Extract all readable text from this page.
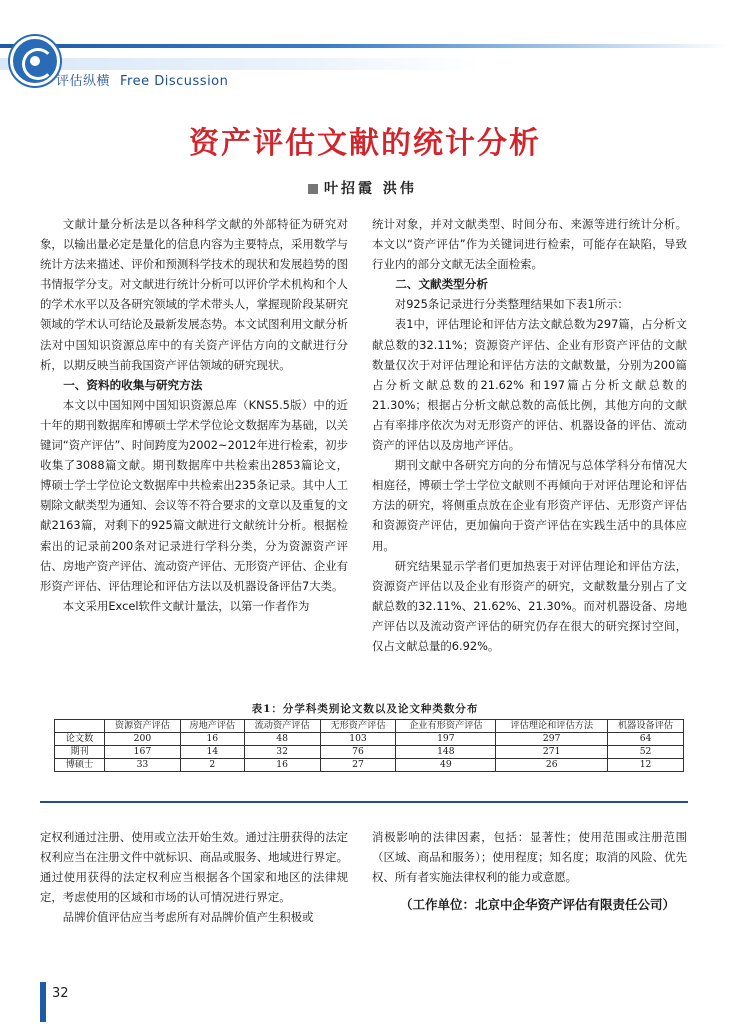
评估纵横 Free Discussion
资产评估文献的统计分析
叶招霞 洪伟

文献计量分析法是以各种科学文献的外部特征为研究对象，以输出量必定是量化的信息内容为主要特点，采用数学与统计方法来描述、评价和预测科学技术的现状和发展趋势的图书情报学分支。对文献进行统计分析可以评价学术机构和个人的学术水平以及各研究领域的学术带头人，掌握现阶段某研究领域的学术认可结论及最新发展态势。本文试图利用文献分析法对中国知识资源总库中的有关资产评估方向的文献进行分析，以期反映当前我国资产评估领域的研究现状。

一、资料的收集与研究方法

本文以中国知网中国知识资源总库（KNS5.5版）中的近十年的期刊数据库和博硕士学术学位论文数据库为基础，以关键词“资产评估”、时间跨度为2002~2012年进行检索，初步收集了3088篇文献。期刊数据库中共检索出2853篇论文，博硕士学士学位论文数据库中共检索出235条记录。其中人工剔除文献类型为通知、会议等不符合要求的文章以及重复的文献2163篇，对剩下的925篇文献进行文献统计分析。根据检索出的记录前200条对记录进行学科分类，分为资源资产评估、房地产资产评估、流动资产评估、无形资产评估、企业有形资产评估、评估理论和评估方法以及机器设备评估7大类。

本文采用Excel软件文献计量法，以第一作者作为

统计对象，并对文献类型、时间分布、来源等进行统计分析。本文以“资产评估”作为关键词进行检索，可能存在缺陷，导致行业内的部分文献无法全面检索。

二、文献类型分析

对925条记录进行分类整理结果如下表1所示：

表1中，评估理论和评估方法文献总数为297篇，占分析文献总数的32.11%；资源资产评估、企业有形资产评估的文献数量仅次于对评估理论和评估方法的文献数量，分别为200篇占分析文献总数的21.62% 和197篇占分析文献总数的21.30%；根据占分析文献总数的高低比例，其他方向的文献占有率排序依次为对无形资产的评估、机器设备的评估、流动资产的评估以及房地产评估。

期刊文献中各研究方向的分布情况与总体学科分布情况大相庭径，博硕士学士学位文献则不再倾向于对评估理论和评估方法的研究，将侧重点放在企业有形资产评估、无形资产评估和资源资产评估，更加偏向于资产评估在实践生活中的具体应用。

研究结果显示学者们更加热衷于对评估理论和评估方法，资源资产评估以及企业有形资产的研究，文献数量分别占了文献总数的32.11%、21.62%、21.30%。而对机器设备、房地产评估以及流动资产评估的研究仍存在很大的研究探讨空间，仅占文献总量的6.92%。

表1：分学科类别论文数以及论文种类数分布
	资源资产评估	房地产评估	流动资产评估	无形资产评估	企业有形资产评估	评估理论和评估方法	机器设备评估
论文数	200	16	48	103	197	297	64
期刊	167	14	32	76	148	271	52
博硕士	33	2	16	27	49	26	12

定权利通过注册、使用或立法开始生效。通过注册获得的法定权利应当在注册文件中就标识、商品或服务、地域进行界定。通过使用获得的法定权利应当根据各个国家和地区的法律规定，考虑使用的区域和市场的认可情况进行界定。

品牌价值评估应当考虑所有对品牌价值产生积极或

消极影响的法律因素，包括：显著性；使用范围或注册范围（区域、商品和服务）；使用程度；知名度；取消的风险、优先权、所有者实施法律权利的能力或意愿。

（工作单位：北京中企华资产评估有限责任公司）

32
